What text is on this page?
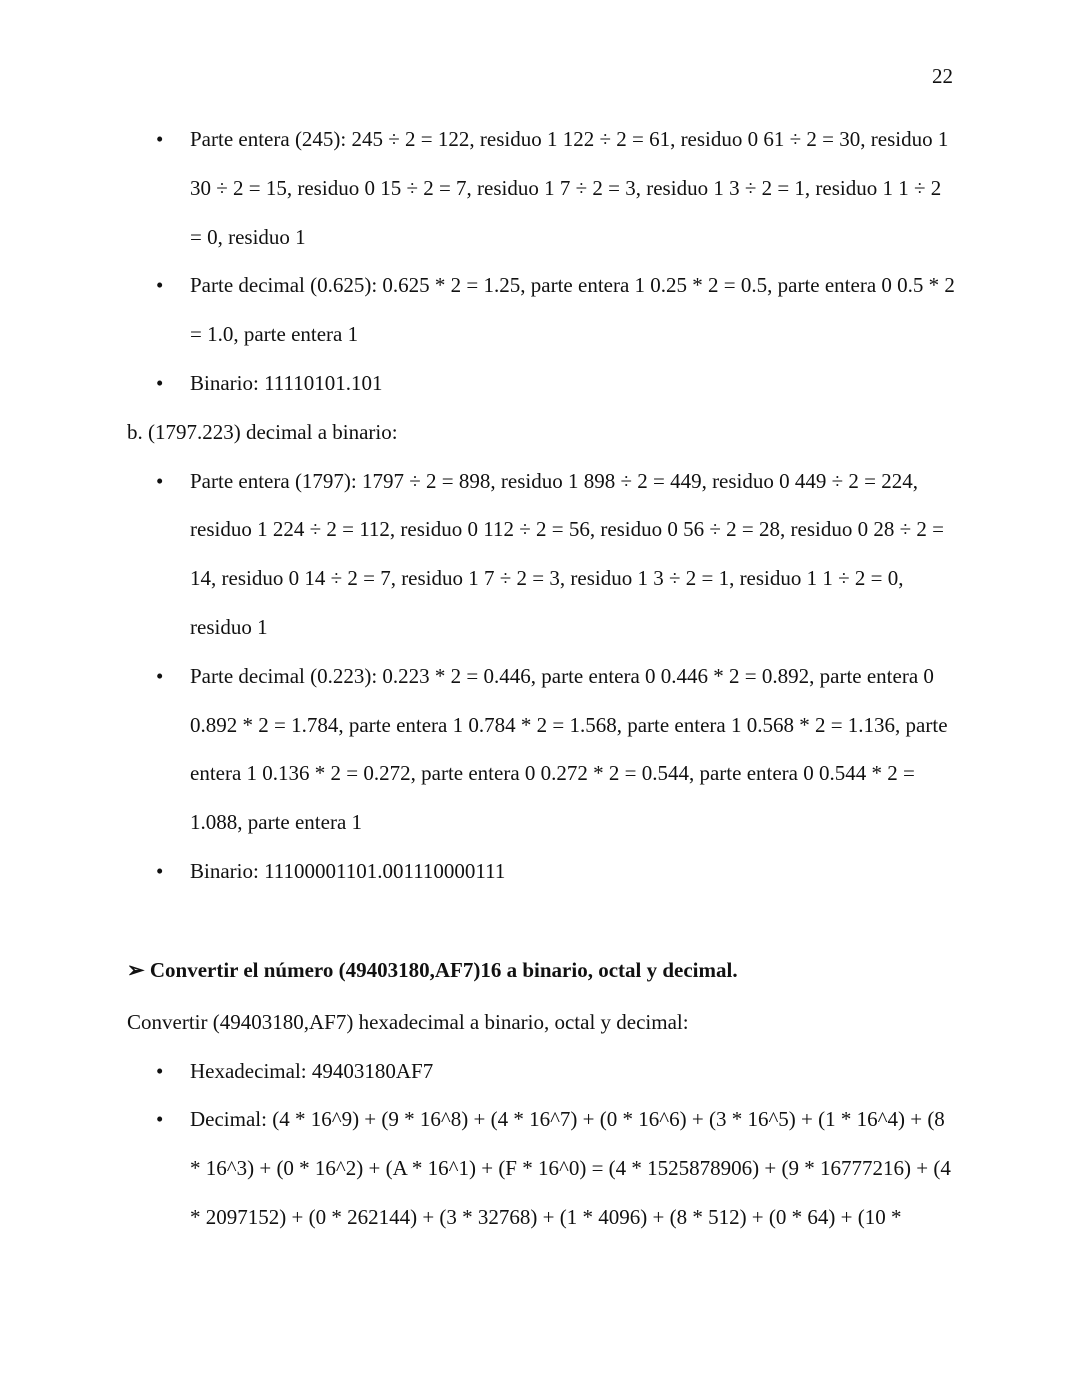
22
• Parte entera (245): 245 ÷ 2 = 122, residuo 1 122 ÷ 2 = 61, residuo 0 61 ÷ 2 = 30, residuo 1 30 ÷ 2 = 15, residuo 0 15 ÷ 2 = 7, residuo 1 7 ÷ 2 = 3, residuo 1 3 ÷ 2 = 1, residuo 1 1 ÷ 2 = 0, residuo 1
• Parte decimal (0.625): 0.625 * 2 = 1.25, parte entera 1 0.25 * 2 = 0.5, parte entera 0 0.5 * 2 = 1.0, parte entera 1
• Binario: 11110101.101

b. (1797.223) decimal a binario:

• Parte entera (1797): 1797 ÷ 2 = 898, residuo 1 898 ÷ 2 = 449, residuo 0 449 ÷ 2 = 224, residuo 1 224 ÷ 2 = 112, residuo 0 112 ÷ 2 = 56, residuo 0 56 ÷ 2 = 28, residuo 0 28 ÷ 2 = 14, residuo 0 14 ÷ 2 = 7, residuo 1 7 ÷ 2 = 3, residuo 1 3 ÷ 2 = 1, residuo 1 1 ÷ 2 = 0, residuo 1
• Parte decimal (0.223): 0.223 * 2 = 0.446, parte entera 0 0.446 * 2 = 0.892, parte entera 0 0.892 * 2 = 1.784, parte entera 1 0.784 * 2 = 1.568, parte entera 1 0.568 * 2 = 1.136, parte entera 1 0.136 * 2 = 0.272, parte entera 0 0.272 * 2 = 0.544, parte entera 0 0.544 * 2 = 1.088, parte entera 1
• Binario: 11100001101.001110000111

➢ Convertir el número (49403180,AF7)16 a binario, octal y decimal.

Convertir (49403180,AF7) hexadecimal a binario, octal y decimal:

• Hexadecimal: 49403180AF7
• Decimal: (4 * 16^9) + (9 * 16^8) + (4 * 16^7) + (0 * 16^6) + (3 * 16^5) + (1 * 16^4) + (8 * 16^3) + (0 * 16^2) + (A * 16^1) + (F * 16^0) = (4 * 1525878906) + (9 * 16777216) + (4 * 2097152) + (0 * 262144) + (3 * 32768) + (1 * 4096) + (8 * 512) + (0 * 64) + (10 *
